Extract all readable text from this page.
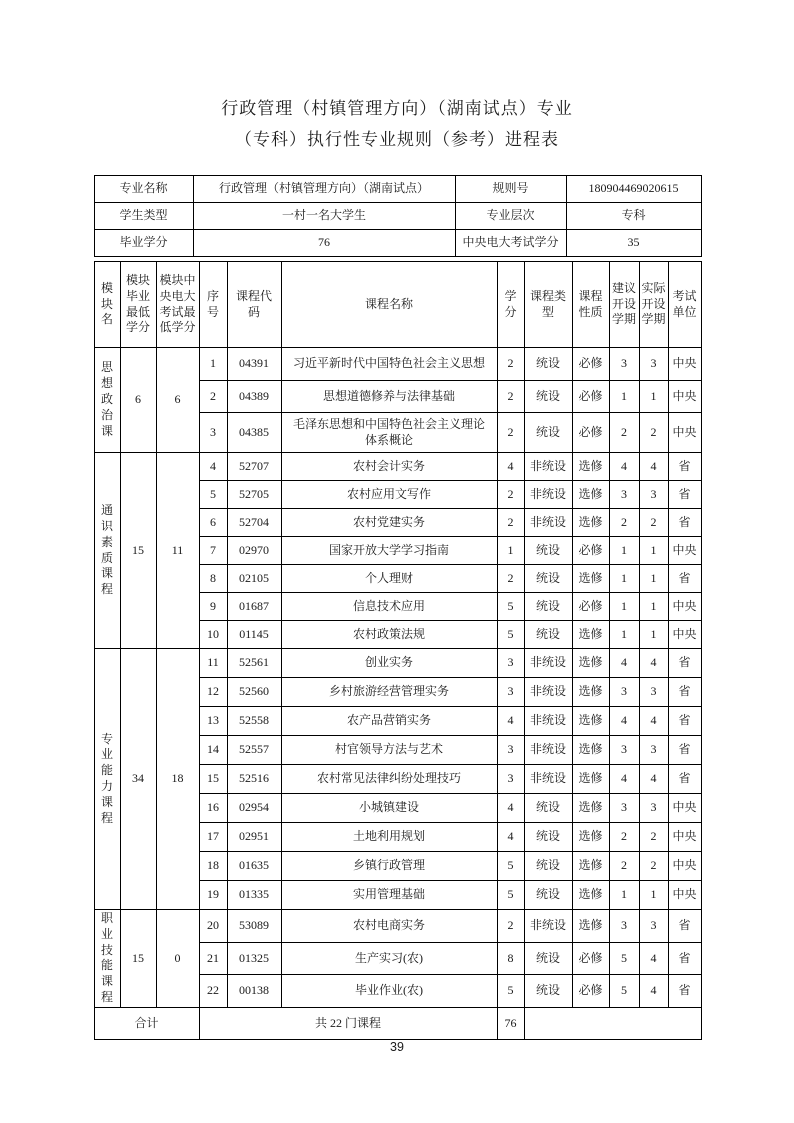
行政管理（村镇管理方向）（湖南试点）专业
（专科）执行性专业规则（参考）进程表
专业名称	行政管理（村镇管理方向）（湖南试点）	规则号	180904469020615
学生类型	一村一名大学生	专业层次	专科
毕业学分	76	中央电大考试学分	35
模
块
名	模块
毕业
最低
学分	模块中
央电大
考试最
低学分	序号	课程代
码	课程名称	学
分	课程类
型	课程
性质	建议
开设
学期	实际
开设
学期	考试
单位
思想
政治
课	6	6	1	04391	习近平新时代中国特色社会主义思想	2	统设	必修	3	3	中央
			2	04389	思想道德修养与法律基础	2	统设	必修	1	1	中央
			3	04385	毛泽东思想和中国特色社会主义理论
体系概论	2	统设	必修	2	2	中央
通识
素质
课程	15	11	4	52707	农村会计实务	4	非统设	选修	4	4	省
			5	52705	农村应用文写作	2	非统设	选修	3	3	省
			6	52704	农村党建实务	2	非统设	选修	2	2	省
			7	02970	国家开放大学学习指南	1	统设	必修	1	1	中央
			8	02105	个人理财	2	统设	选修	1	1	省
			9	01687	信息技术应用	5	统设	必修	1	1	中央
			10	01145	农村政策法规	5	统设	选修	1	1	中央
专业
能力
课程	34	18	11	52561	创业实务	3	非统设	选修	4	4	省
			12	52560	乡村旅游经营管理实务	3	非统设	选修	3	3	省
			13	52558	农产品营销实务	4	非统设	选修	4	4	省
			14	52557	村官领导方法与艺术	3	非统设	选修	3	3	省
			15	52516	农村常见法律纠纷处理技巧	3	非统设	选修	4	4	省
			16	02954	小城镇建设	4	统设	选修	3	3	中央
			17	02951	土地利用规划	4	统设	选修	2	2	中央
			18	01635	乡镇行政管理	5	统设	选修	2	2	中央
			19	01335	实用管理基础	5	统设	选修	1	1	中央
职业
技能
课程	15	0	20	53089	农村电商实务	2	非统设	选修	3	3	省
			21	01325	生产实习(农)	8	统设	必修	5	4	省
			22	00138	毕业作业(农)	5	统设	必修	5	4	省
合计			共 22 门课程			76					
39
